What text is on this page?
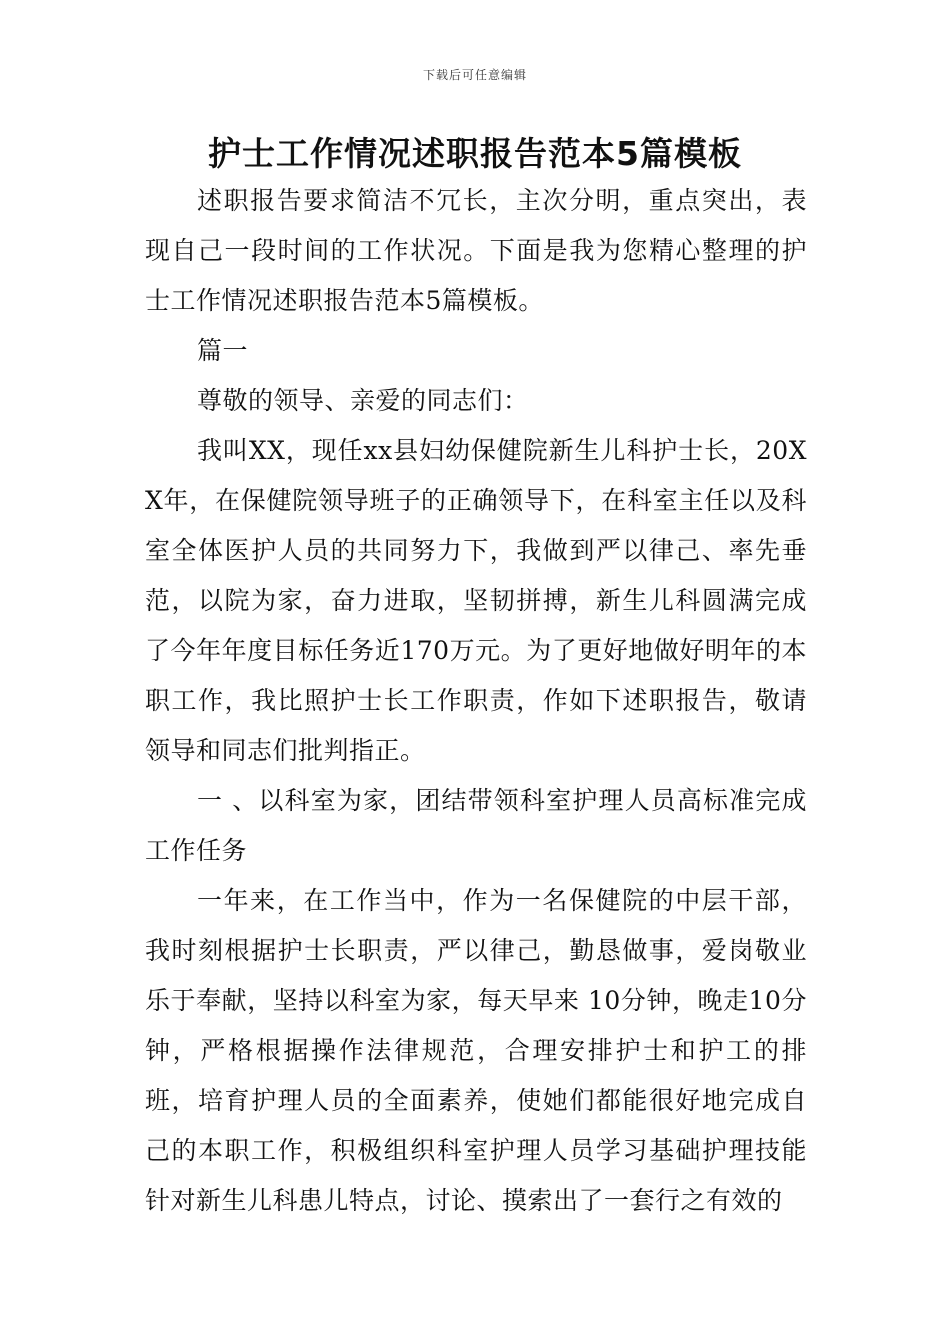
下载后可任意编辑
护士工作情况述职报告范本5篇模板

述职报告要求简洁不冗长，主次分明，重点突出，表现自己一段时间的工作状况。下面是我为您精心整理的护士工作情况述职报告范本5篇模板。

篇一

尊敬的领导、亲爱的同志们：

我叫XX，现任xx县妇幼保健院新生儿科护士长，20XX年，在保健院领导班子的正确领导下，在科室主任以及科室全体医护人员的共同努力下，我做到严以律己、率先垂范，以院为家，奋力进取，坚韧拼搏，新生儿科圆满完成了今年年度目标任务近170万元。为了更好地做好明年的本职工作，我比照护士长工作职责，作如下述职报告，敬请领导和同志们批判指正。

一 、以科室为家，团结带领科室护理人员高标准完成工作任务

一年来，在工作当中，作为一名保健院的中层干部，我时刻根据护士长职责，严以律己，勤恳做事，爱岗敬业乐于奉献，坚持以科室为家，每天早来 10分钟，晚走10分钟，严格根据操作法律规范，合理安排护士和护工的排班，培育护理人员的全面素养，使她们都能很好地完成自己的本职工作，积极组织科室护理人员学习基础护理技能针对新生儿科患儿特点，讨论、摸索出了一套行之有效的
